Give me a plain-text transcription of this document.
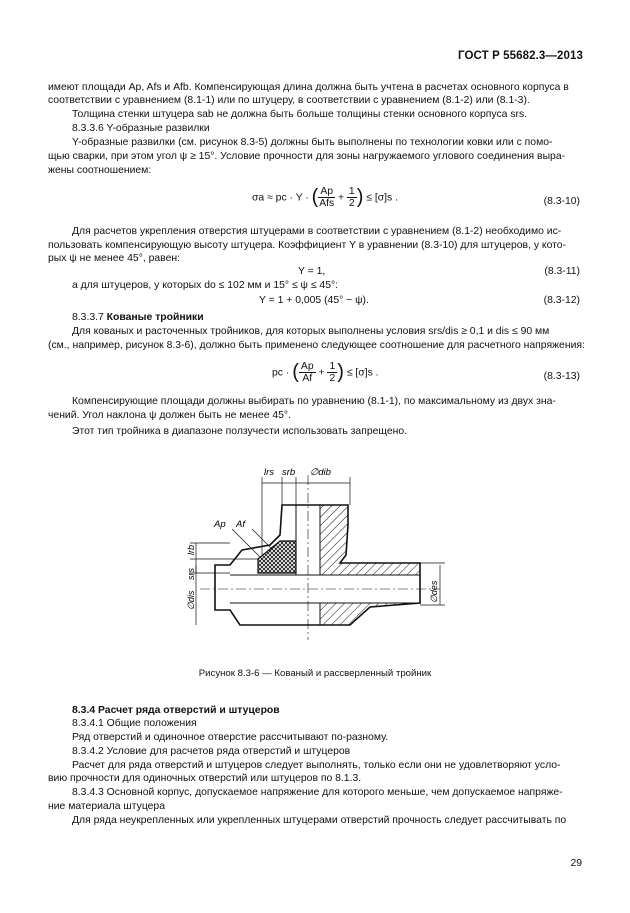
ГОСТ Р 55682.3—2013
имеют площади Ap, Afs и Afb. Компенсирующая длина должна быть учтена в расчетах основного корпуса в
соответствии с уравнением (8.1-1) или по штуцеру, в соответствии с уравнением (8.1-2) или (8.1-3).
Толщина стенки штуцера sab не должна быть больше толщины стенки основного корпуса srs.
8.3.3.6 Y-образные развилки
Y-образные развилки (см. рисунок 8.3-5) должны быть выполнены по технологии ковки или с помо-
щью сварки, при этом угол ψ ≥ 15°. Условие прочности для зоны нагружаемого углового соединения выра-
жены соотношением:
σa ≈ pc · Y · ( $\frac{Ap}{\text{Afs}} + \frac{1}{2}$ ) ≤ [σ]s .	(8.3-10)
Для расчетов укрепления отверстия штуцерами в соответствии с уравнением (8.1-2) необходимо ис-
пользовать компенсирующую высоту штуцера. Коэффициент Y в уравнении (8.3-10) для штуцеров, у кото-
рых ψ не менее 45°, равен:
Y = 1,	(8.3-11)
а для штуцеров, у которых do ≤ 102 мм и 15° ≤ ψ ≤ 45°:
Y = 1 + 0,005 (45° − ψ).	(8.3-12)
8.3.3.7 Кованые тройники
Для кованых и расточенных тройников, для которых выполнены условия srs/dis ≥ 0,1 и dis ≤ 90 мм
(см., например, рисунок 8.3-6), должно быть применено следующее соотношение для расчетного напряжения:
pc · ( $\frac{Ap}{Af} + \frac{1}{2}$ ) ≤ [σ]s .	(8.3-13)
Компенсирующие площади должны выбирать по уравнению (8.1-1), по максимальному из двух зна-
чений. Угол наклона ψ должен быть не менее 45°.
Этот тип тройника в диапазоне ползучести использовать запрещено.
lrs srb ∅dib
Ap Af
lrb
srs
∅dis	∅des
Рисунок 8.3-6 — Кованый и рассверленный тройник
8.3.4 Расчет ряда отверстий и штуцеров
8.3.4.1 Общие положения
Ряд отверстий и одиночное отверстие рассчитывают по-разному.
8.3.4.2 Условие для расчетов ряда отверстий и штуцеров
Расчет для ряда отверстий и штуцеров следует выполнять, только если они не удовлетворяют усло-
вию прочности для одиночных отверстий или штуцеров по 8.1.3.
8.3.4.3 Основной корпус, допускаемое напряжение для которого меньше, чем допускаемое напряже-
ние материала штуцера
Для ряда неукрепленных или укрепленных штуцерами отверстий прочность следует рассчитывать по
29
